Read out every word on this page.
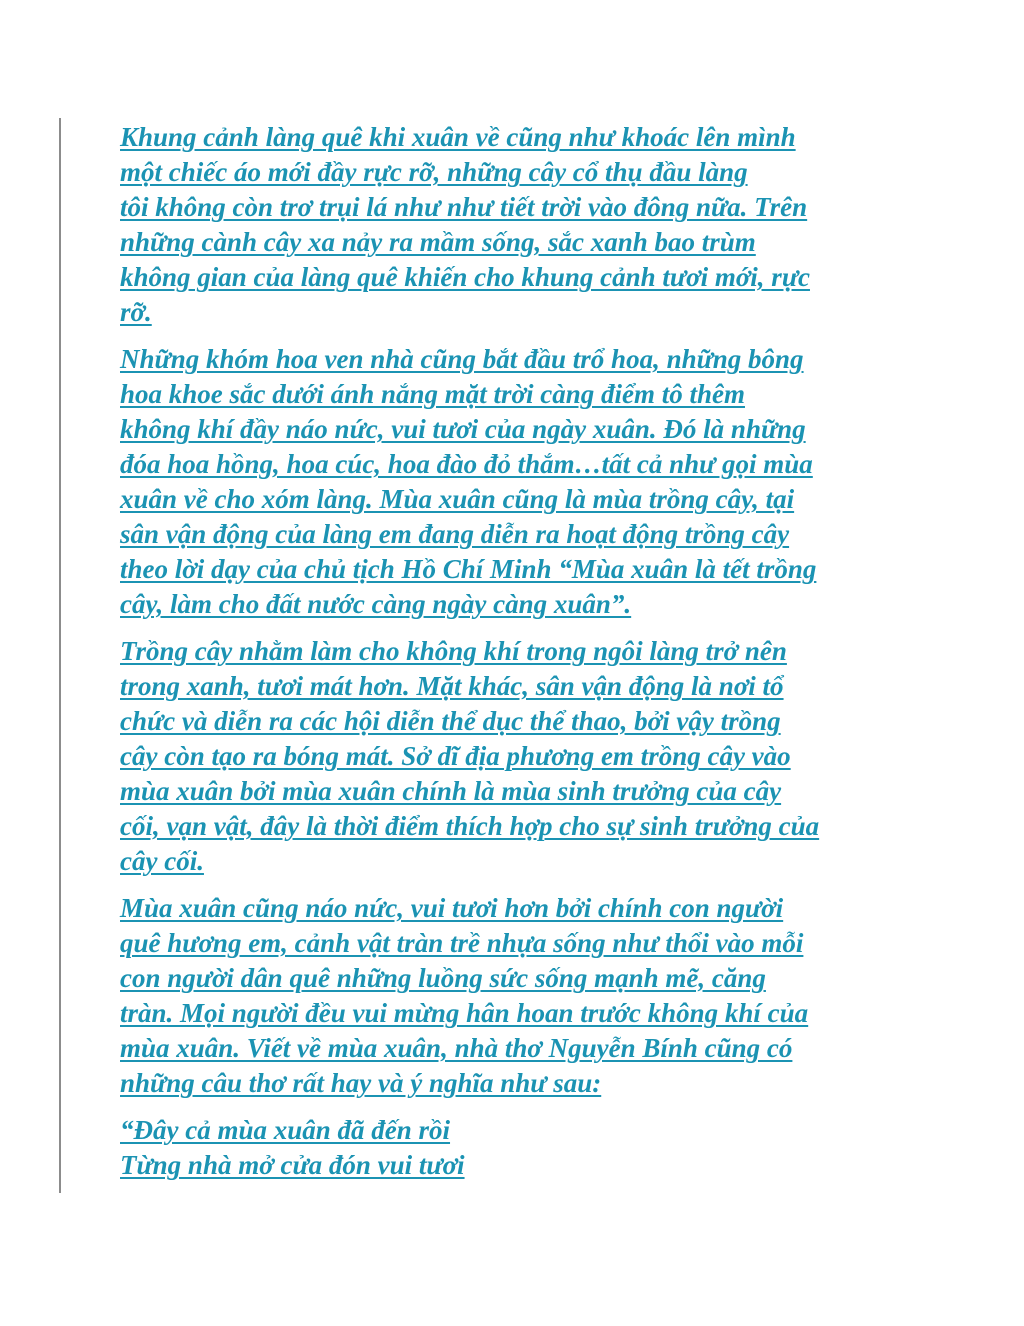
Khung cảnh làng quê khi xuân về cũng như khoác lên mình
một chiếc áo mới đầy rực rỡ, những cây cổ thụ đầu làng
tôi không còn trơ trụi lá như như tiết trời vào đông nữa. Trên
những cành cây xa nảy ra mầm sống, sắc xanh bao trùm
không gian của làng quê khiến cho khung cảnh tươi mới, rực
rỡ.

Những khóm hoa ven nhà cũng bắt đầu trổ hoa, những bông
hoa khoe sắc dưới ánh nắng mặt trời càng điểm tô thêm
không khí đầy náo nức, vui tươi của ngày xuân. Đó là những
đóa hoa hồng, hoa cúc, hoa đào đỏ thắm…tất cả như gọi mùa
xuân về cho xóm làng. Mùa xuân cũng là mùa trồng cây, tại
sân vận động của làng em đang diễn ra hoạt động trồng cây
theo lời dạy của chủ tịch Hồ Chí Minh “Mùa xuân là tết trồng
cây, làm cho đất nước càng ngày càng xuân”.

Trồng cây nhằm làm cho không khí trong ngôi làng trở nên
trong xanh, tươi mát hơn. Mặt khác, sân vận động là nơi tổ
chức và diễn ra các hội diễn thể dục thể thao, bởi vậy trồng
cây còn tạo ra bóng mát. Sở dĩ địa phương em trồng cây vào
mùa xuân bởi mùa xuân chính là mùa sinh trưởng của cây
cối, vạn vật, đây là thời điểm thích hợp cho sự sinh trưởng của
cây cối.

Mùa xuân cũng náo nức, vui tươi hơn bởi chính con người
quê hương em, cảnh vật tràn trề nhựa sống như thổi vào mỗi
con người dân quê những luồng sức sống mạnh mẽ, căng
tràn. Mọi người đều vui mừng hân hoan trước không khí của
mùa xuân. Viết về mùa xuân, nhà thơ Nguyễn Bính cũng có
những câu thơ rất hay và ý nghĩa như sau:

“Đây cả mùa xuân đã đến rồi

Từng nhà mở cửa đón vui tươi
